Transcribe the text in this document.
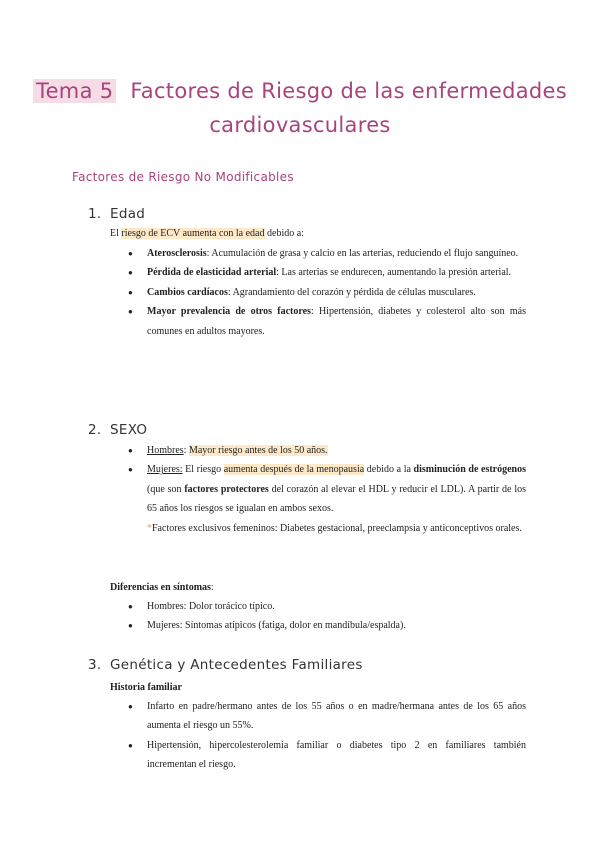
Tema 5 Factores de Riesgo de las enfermedades
cardiovasculares
Factores de Riesgo No Modificables
1. Edad
El riesgo de ECV aumenta con la edad debido a:
● Aterosclerosis: Acumulación de grasa y calcio en las arterias, reduciendo el flujo sanguíneo.
● Pérdida de elasticidad arterial: Las arterias se endurecen, aumentando la presión arterial.
● Cambios cardíacos: Agrandamiento del corazón y pérdida de células musculares.
● Mayor prevalencia de otros factores: Hipertensión, diabetes y colesterol alto son más comunes en adultos mayores.
2. SEXO
● Hombres: Mayor riesgo antes de los 50 años.
● Mujeres: El riesgo aumenta después de la menopausia debido a la disminución de estrógenos (que son factores protectores del corazón al elevar el HDL y reducir el LDL). A partir de los 65 años los riesgos se igualan en ambos sexos.
*Factores exclusivos femeninos: Diabetes gestacional, preeclampsia y anticonceptivos orales.
Diferencias en síntomas:
● Hombres: Dolor torácico típico.
● Mujeres: Síntomas atípicos (fatiga, dolor en mandíbula/espalda).
3. Genética y Antecedentes Familiares
Historia familiar
● Infarto en padre/hermano antes de los 55 años o en madre/hermana antes de los 65 años aumenta el riesgo un 55%.
● Hipertensión, hipercolesterolemia familiar o diabetes tipo 2 en familiares también incrementan el riesgo.
